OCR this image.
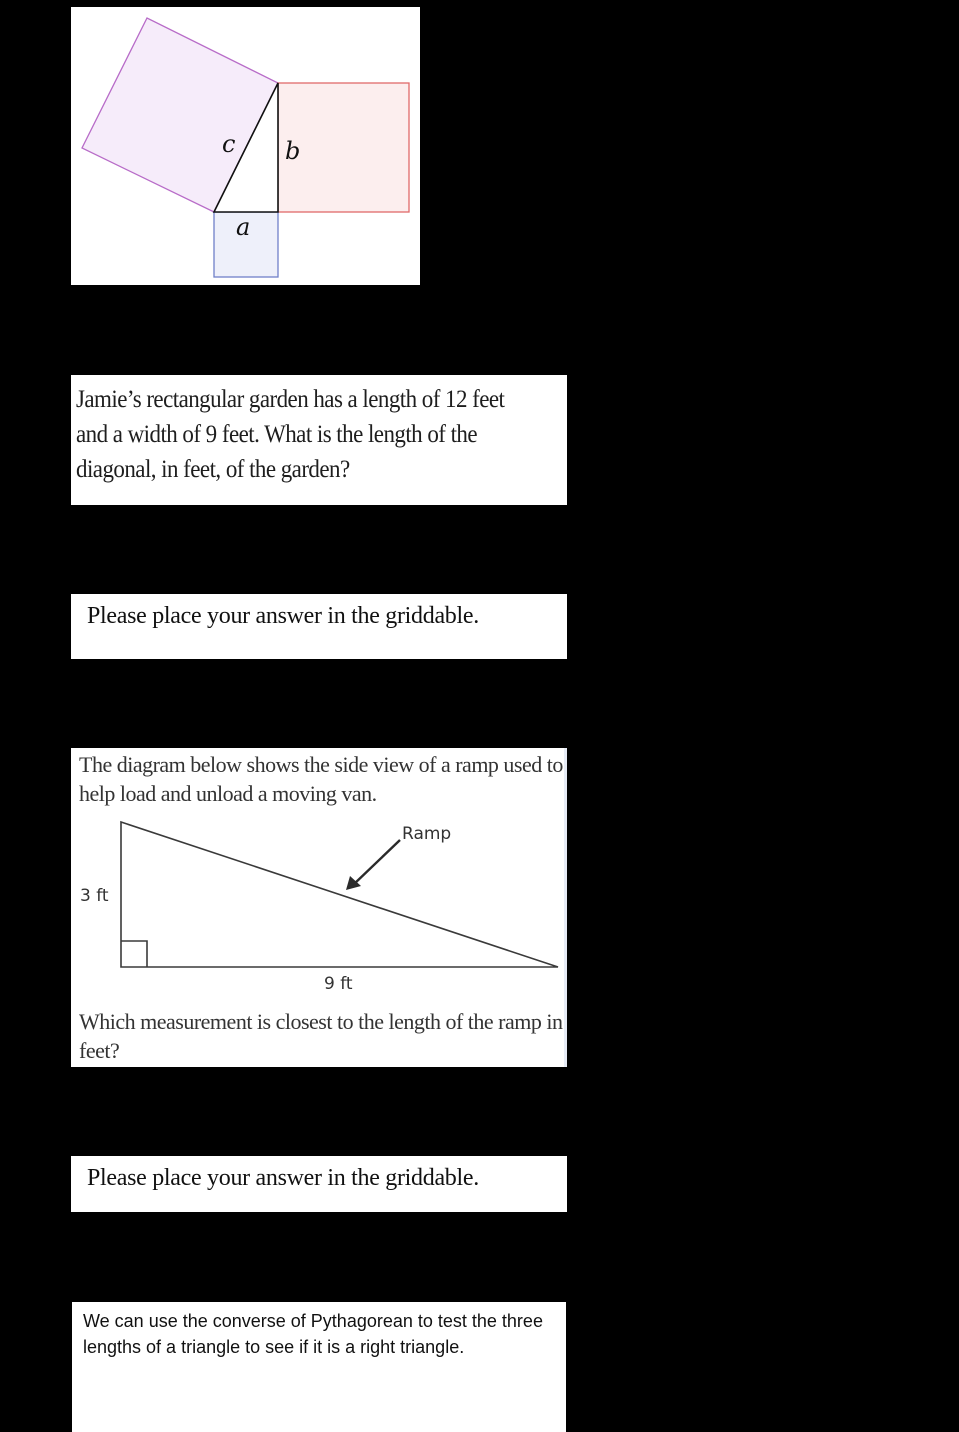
c b
a
Jamie’s rectangular garden has a length of 12 feet and a width of 9 feet. What is the length of the diagonal, in feet, of the garden?
Please place your answer in the griddable.
The diagram below shows the side view of a ramp used to help load and unload a moving van.
Ramp
3 ft
9 ft
Which measurement is closest to the length of the ramp in feet?
Please place your answer in the griddable.
We can use the converse of Pythagorean to test the three lengths of a triangle to see if it is a right triangle.
